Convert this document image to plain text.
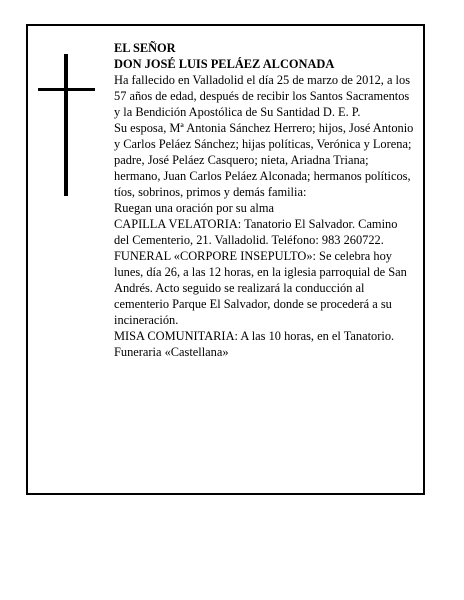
EL SEÑOR

DON JOSÉ LUIS PELÁEZ ALCONADA

Ha fallecido en Valladolid el día 25 de marzo de 2012, a los 57 años de edad, después de recibir los Santos Sacramentos y la Bendición Apostólica de Su Santidad D. E. P.

Su esposa, Mª Antonia Sánchez Herrero; hijos, José Antonio y Carlos Peláez Sánchez; hijas políticas, Verónica y Lorena; padre, José Peláez Casquero; nieta, Ariadna Triana; hermano, Juan Carlos Peláez Alconada; hermanos políticos, tíos, sobrinos, primos y demás familia:

Ruegan una oración por su alma

CAPILLA VELATORIA: Tanatorio El Salvador. Camino del Cementerio, 21. Valladolid. Teléfono: 983 260722.

FUNERAL «CORPORE INSEPULTO»: Se celebra hoy lunes, día 26, a las 12 horas, en la iglesia parroquial de San Andrés. Acto seguido se realizará la conducción al cementerio Parque El Salvador, donde se procederá a su incineración.

MISA COMUNITARIA: A las 10 horas, en el Tanatorio.

Funeraria «Castellana»
